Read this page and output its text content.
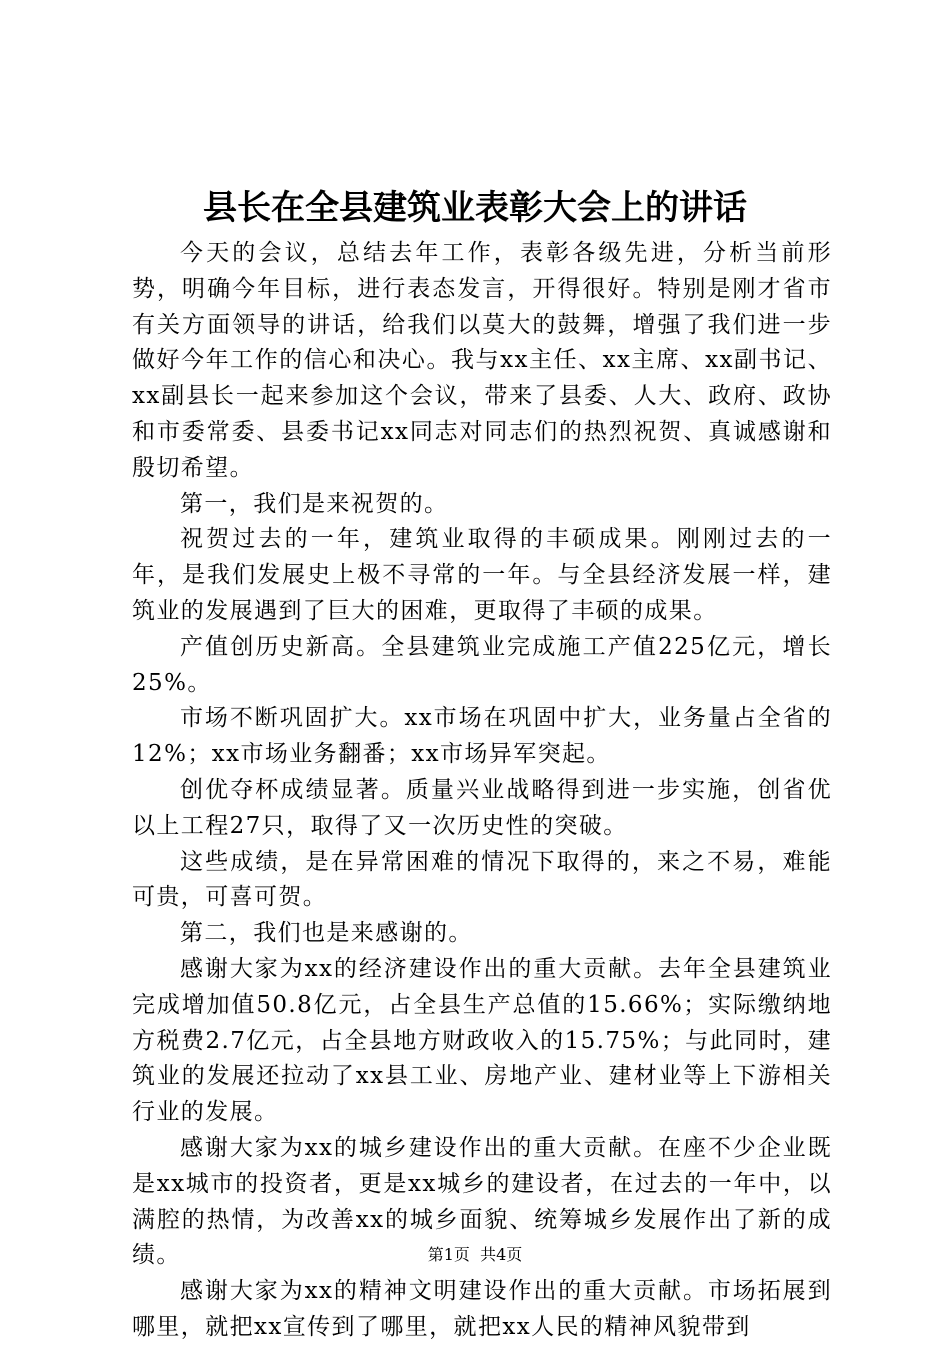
县长在全县建筑业表彰大会上的讲话

今天的会议，总结去年工作，表彰各级先进，分析当前形势，明确今年目标，进行表态发言，开得很好。特别是刚才省市有关方面领导的讲话，给我们以莫大的鼓舞，增强了我们进一步做好今年工作的信心和决心。我与xx主任、xx主席、xx副书记、xx副县长一起来参加这个会议，带来了县委、人大、政府、政协和市委常委、县委书记xx同志对同志们的热烈祝贺、真诚感谢和殷切希望。

第一，我们是来祝贺的。

祝贺过去的一年，建筑业取得的丰硕成果。刚刚过去的一年，是我们发展史上极不寻常的一年。与全县经济发展一样，建筑业的发展遇到了巨大的困难，更取得了丰硕的成果。

产值创历史新高。全县建筑业完成施工产值225亿元，增长25%。

市场不断巩固扩大。xx市场在巩固中扩大，业务量占全省的12%；xx市场业务翻番；xx市场异军突起。

创优夺杯成绩显著。质量兴业战略得到进一步实施，创省优以上工程27只，取得了又一次历史性的突破。

这些成绩，是在异常困难的情况下取得的，来之不易，难能可贵，可喜可贺。

第二，我们也是来感谢的。

感谢大家为xx的经济建设作出的重大贡献。去年全县建筑业完成增加值50.8亿元，占全县生产总值的15.66%；实际缴纳地方税费2.7亿元，占全县地方财政收入的15.75%；与此同时，建筑业的发展还拉动了xx县工业、房地产业、建材业等上下游相关行业的发展。

感谢大家为xx的城乡建设作出的重大贡献。在座不少企业既是xx城市的投资者，更是xx城乡的建设者，在过去的一年中，以满腔的热情，为改善xx的城乡面貌、统筹城乡发展作出了新的成绩。

感谢大家为xx的精神文明建设作出的重大贡献。市场拓展到哪里，就把xx宣传到了哪里，就把xx人民的精神风貌带到

第1页  共4页
